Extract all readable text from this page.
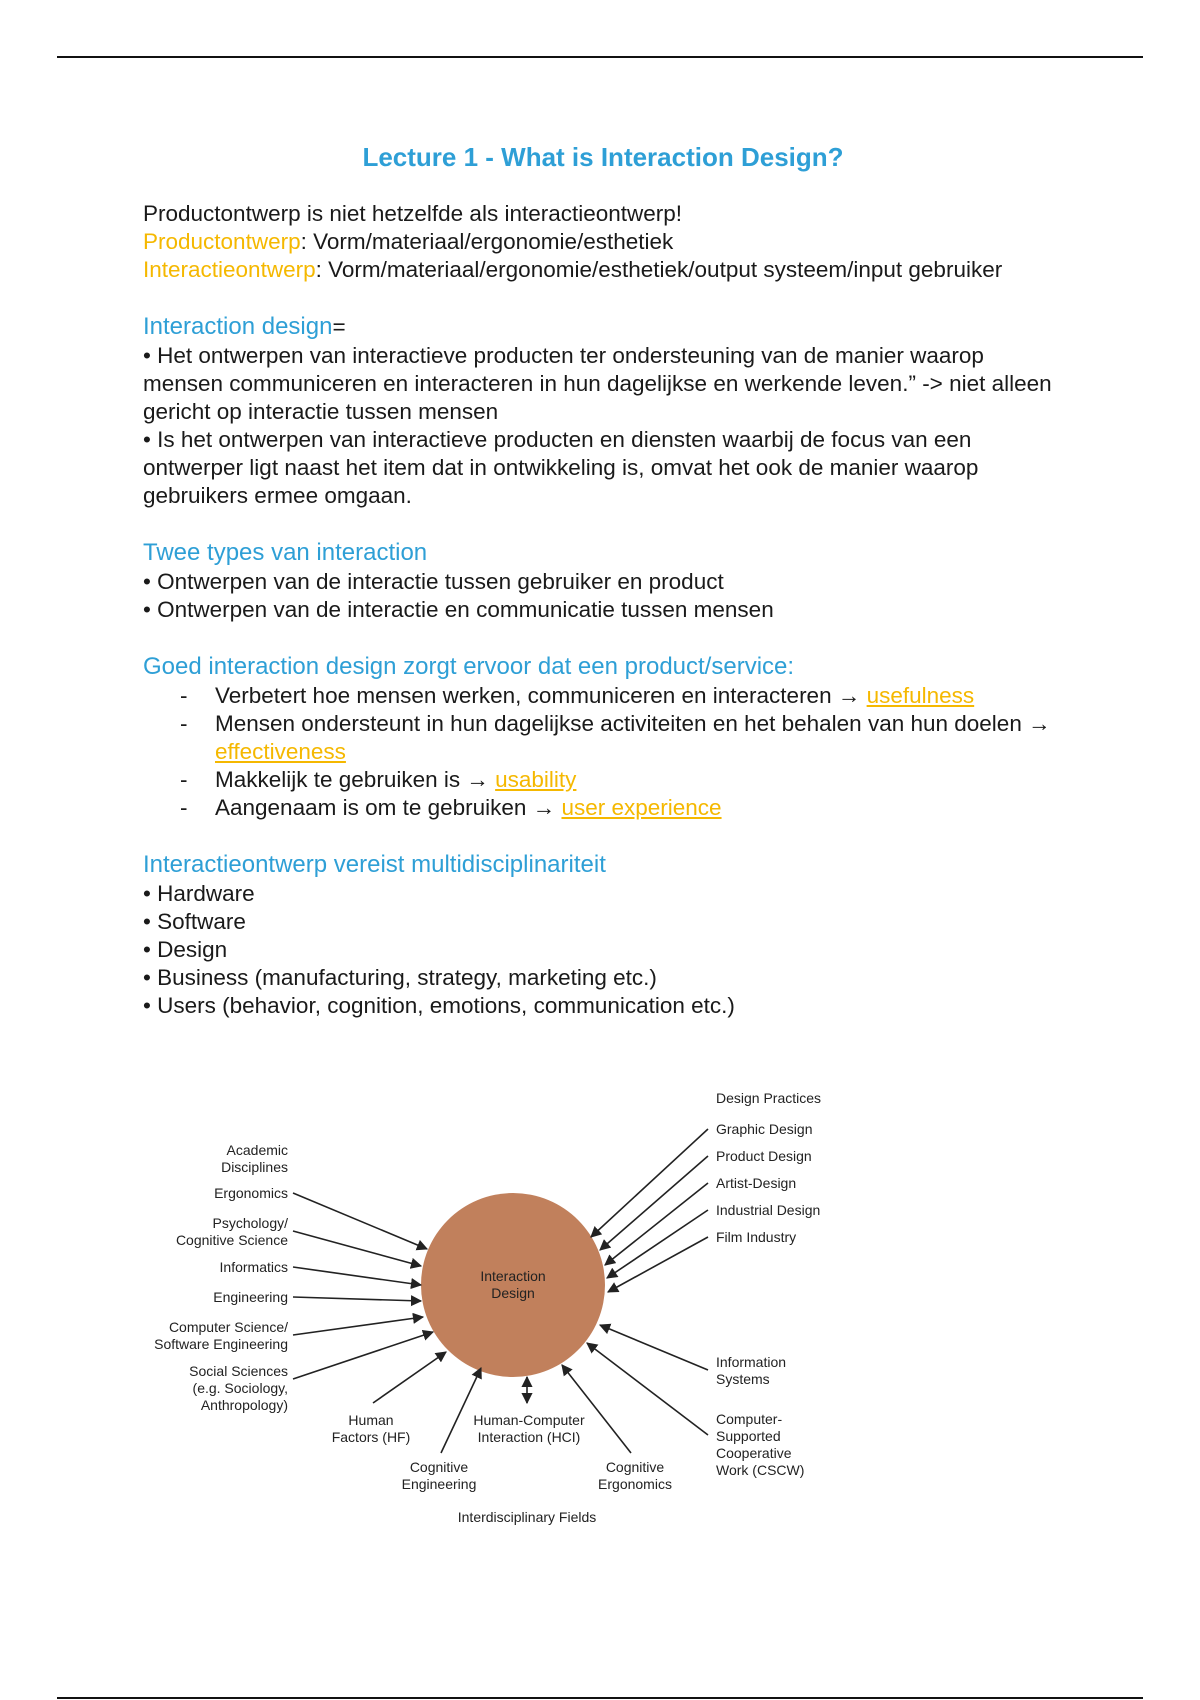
Lecture 1 - What is Interaction Design?

Productontwerp is niet hetzelfde als interactieontwerp!

Productontwerp: Vorm/materiaal/ergonomie/esthetiek

Interactieontwerp: Vorm/materiaal/ergonomie/esthetiek/output systeem/input gebruiker

Interaction design=

• Het ontwerpen van interactieve producten ter ondersteuning van de manier waarop mensen communiceren en interacteren in hun dagelijkse en werkende leven.” -> niet alleen gericht op interactie tussen mensen

• Is het ontwerpen van interactieve producten en diensten waarbij de focus van een ontwerper ligt naast het item dat in ontwikkeling is, omvat het ook de manier waarop gebruikers ermee omgaan.

Twee types van interaction

• Ontwerpen van de interactie tussen gebruiker en product

• Ontwerpen van de interactie en communicatie tussen mensen

Goed interaction design zorgt ervoor dat een product/service:

- Verbetert hoe mensen werken, communiceren en interacteren → usefulness
- Mensen ondersteunt in hun dagelijkse activiteiten en het behalen van hun doelen → effectiveness
- Makkelijk te gebruiken is → usability
- Aangenaam is om te gebruiken → user experience

Interactieontwerp vereist multidisciplinariteit

• Hardware

• Software

• Design

• Business (manufacturing, strategy, marketing etc.)

• Users (behavior, cognition, emotions, communication etc.)

Interaction Design
Academic Disciplines
Ergonomics
Psychology/ Cognitive Science
Informatics
Engineering
Computer Science/ Software Engineering
Social Sciences (e.g. Sociology, Anthropology)
Design Practices
Graphic Design
Product Design
Artist-Design
Industrial Design
Film Industry
Information Systems
Computer-Supported Cooperative Work (CSCW)
Human Factors (HF)
Cognitive Engineering
Human-Computer Interaction (HCI)
Cognitive Ergonomics
Interdisciplinary Fields
